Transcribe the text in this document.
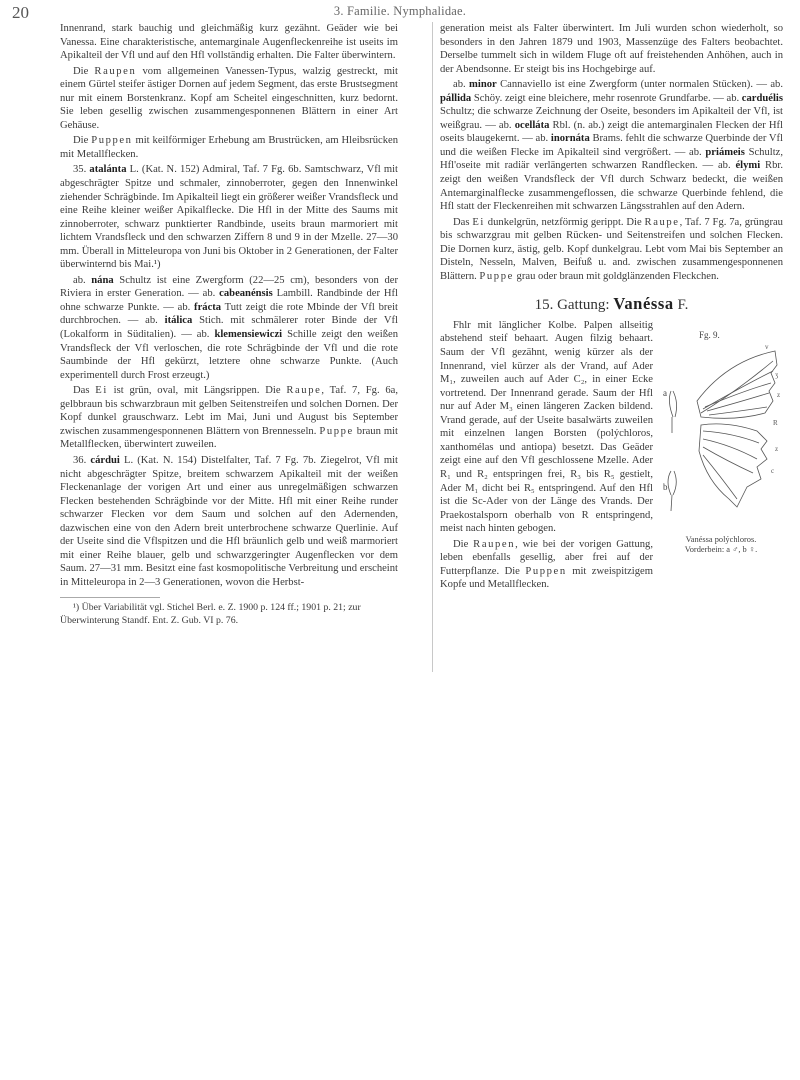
20	3. Familie. Nymphalidae.

Innenrand, stark bauchig und gleichmäßig kurz gezähnt. Geäder wie bei Vanessa. Eine charakteristische, antemarginale Augenfleckenreihe ist useits im Apikalteil der Vfl und auf den Hfl vollständig erhalten. Die Falter überwintern.

Die Raupen vom allgemeinen Vanessen-Typus, walzig gestreckt, mit einem Gürtel steifer ästiger Dornen auf jedem Segment, das erste Brustsegment nur mit einem Borstenkranz. Kopf am Scheitel eingeschnitten, kurz bedornt. Sie leben gesellig zwischen zusammengesponnenen Blättern in einer Art Gehäuse.

Die Puppen mit keilförmiger Erhebung am Brustrücken, am Hleibsrücken mit Metallflecken.

35. atalánta L. (Kat. N. 152) Admiral, Taf. 7 Fg. 6b. Samtschwarz, Vfl mit abgeschrägter Spitze und schmaler, zinnoberroter, gegen den Innenwinkel ziehender Schrägbinde. Im Apikalteil liegt ein größerer weißer Vrandsfleck und eine Reihe kleiner weißer Apikalflecke. Die Hfl in der Mitte des Saums mit zinnoberroter, schwarz punktierter Randbinde, useits braun marmoriert mit lichtem Vrandsfleck und den schwarzen Ziffern 8 und 9 in der Mzelle. 27—30 mm. Überall in Mitteleuropa von Juni bis Oktober in 2 Generationen, der Falter überwinternd bis Mai.¹)

ab. nána Schultz ist eine Zwergform (22—25 cm), besonders von der Riviera in erster Generation. — ab. cabeanénsis Lambill. Randbinde der Hfl ohne schwarze Punkte. — ab. frácta Tutt zeigt die rote Mbinde der Vfl breit durchbrochen. — ab. itálica Stich. mit schmälerer roter Binde der Vfl (Lokalform in Süditalien). — ab. klemensiewiczi Schille zeigt den weißen Vrandsfleck der Vfl verloschen, die rote Schrägbinde der Vfl und die rote Saumbinde der Hfl gekürzt, letztere ohne schwarze Punkte. (Auch experimentell durch Frost erzeugt.)

Das Ei ist grün, oval, mit Längsrippen. Die Raupe, Taf. 7, Fg. 6a, gelbbraun bis schwarzbraun mit gelben Seitenstreifen und solchen Dornen. Der Kopf dunkel grauschwarz. Lebt im Mai, Juni und August bis September zwischen zusammengesponnenen Blättern von Brennesseln. Puppe braun mit Metallflecken, überwintert zuweilen.

36. cárdui L. (Kat. N. 154) Distelfalter, Taf. 7 Fg. 7b. Ziegelrot, Vfl mit nicht abgeschrägter Spitze, breitem schwarzem Apikalteil mit der weißen Fleckenanlage der vorigen Art und einer aus unregelmäßigen schwarzen Flecken bestehenden Schrägbinde vor der Mitte. Hfl mit einer Reihe runder schwarzer Flecken vor dem Saum und solchen auf den Adernenden, dazwischen eine von den Adern breit unterbrochene schwarze Querlinie. Auf der Useite sind die Vflspitzen und die Hfl bräunlich gelb und weiß marmoriert mit einer Reihe blauer, gelb und schwarzgeringter Augenflecken vor dem Saum. 27—31 mm. Besitzt eine fast kosmopolitische Verbreitung und erscheint in Mitteleuropa in 2—3 Generationen, wovon die Herbst-

¹) Über Variabilität vgl. Stichel Berl. e. Z. 1900 p. 124 ff.; 1901 p. 21; zur Überwinterung Standf. Ent. Z. Gub. VI p. 76.

generation meist als Falter überwintert. Im Juli wurden schon wiederholt, so besonders in den Jahren 1879 und 1903, Massenzüge des Falters beobachtet. Derselbe tummelt sich in wildem Fluge oft auf freistehenden Anhöhen, auch in der Abendsonne. Er steigt bis ins Hochgebirge auf.

ab. minor Cannaviello ist eine Zwergform (unter normalen Stücken). — ab. pállida Schöy. zeigt eine bleichere, mehr rosenrote Grundfarbe. — ab. carduélis Schultz; die schwarze Zeichnung der Oseite, besonders im Apikalteil der Vfl, ist weißgrau. — ab. ocelláta Rbl. (n. ab.) zeigt die antemarginalen Flecken der Hfl oseits blaugekernt. — ab. inornáta Brams. fehlt die schwarze Querbinde der Vfl und die weißen Flecke im Apikalteil sind vergrößert. — ab. priámeis Schultz, Hfl'oseite mit radiär verlängerten schwarzen Randflecken. — ab. élymi Rbr. zeigt den weißen Vrandsfleck der Vfl durch Schwarz bedeckt, die weißen Antemarginalflecke zusammengeflossen, die schwarze Querbinde fehlend, die Hfl statt der Fleckenreihen mit schwarzen Längsstrahlen auf den Adern.

Das Ei dunkelgrün, netzförmig gerippt. Die Raupe, Taf. 7 Fg. 7a, grüngrau bis schwarzgrau mit gelben Rücken- und Seitenstreifen und solchen Flecken. Die Dornen kurz, ästig, gelb. Kopf dunkelgrau. Lebt vom Mai bis September an Disteln, Nesseln, Malven, Beifuß u. and. zwischen zusammengesponnenen Blättern. Puppe grau oder braun mit goldglänzenden Fleckchen.

15. Gattung: Vanéssa F.
v
ʒ
z
R
z
c
Fg. 9.
a
b
Vanéssa polýchloros.
Vorderbein: a ♂, b ♀.

Fhlr mit länglicher Kolbe. Palpen allseitig abstehend steif behaart. Augen filzig behaart. Saum der Vfl gezähnt, wenig kürzer als der Innenrand, viel kürzer als der Vrand, auf Ader M₁, zuweilen auch auf Ader C₂, in einer Ecke vortretend. Der Innenrand gerade. Saum der Hfl nur auf Ader M₃ einen längeren Zacken bildend. Vrand gerade, auf der Useite basalwärts zuweilen mit einzelnen langen Borsten (polýchloros, xanthomélas und antiopa) besetzt. Das Geäder zeigt eine auf den Vfl geschlossene Mzelle. Ader R₁ und R₂ entspringen frei, R₃ bis R₅ gestielt, Ader M₁ dicht bei R₅ entspringend. Auf den Hfl ist die Sc-Ader von der Länge des Vrands. Der Praekostalsporn oberhalb von R entspringend, meist nach hinten gebogen.

Die Raupen, wie bei der vorigen Gattung, leben ebenfalls gesellig, aber frei auf der Futterpflanze. Die Puppen mit zweispitzigem Kopfe und Metallflecken.
